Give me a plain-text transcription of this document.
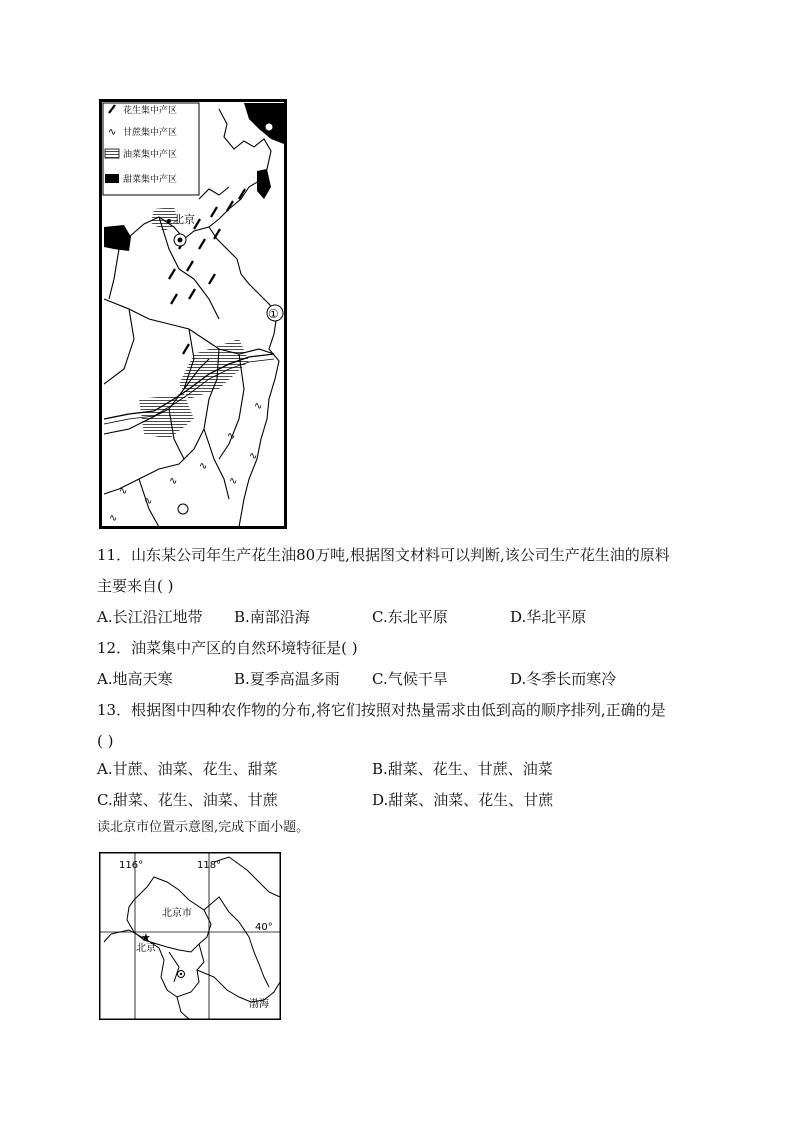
花生集中产区
∿ 甘蔗集中产区
油菜集中产区
甜菜集中产区
∿
∿
∿
∿
∿
∿
∿
∿
∿
北京
①
11．山东某公司年生产花生油80万吨,根据图文材料可以判断,该公司生产花生油的原料
主要来自( )
A.长江沿江地带 B.南部沿海	C.东北平原	D.华北平原
12．油菜集中产区的自然环境特征是( )
A.地高天寒	B.夏季高温多雨 C.气候干旱	D.冬季长而寒冷
13．根据图中四种农作物的分布,将它们按照对热量需求由低到高的顺序排列,正确的是
( )
A.甘蔗、油菜、花生、甜菜	B.甜菜、花生、甘蔗、油菜
C.甜菜、花生、油菜、甘蔗	D.甜菜、油菜、花生、甘蔗
读北京市位置示意图,完成下面小题。
116°	118°
40°
★
北京市
北京
渤海
